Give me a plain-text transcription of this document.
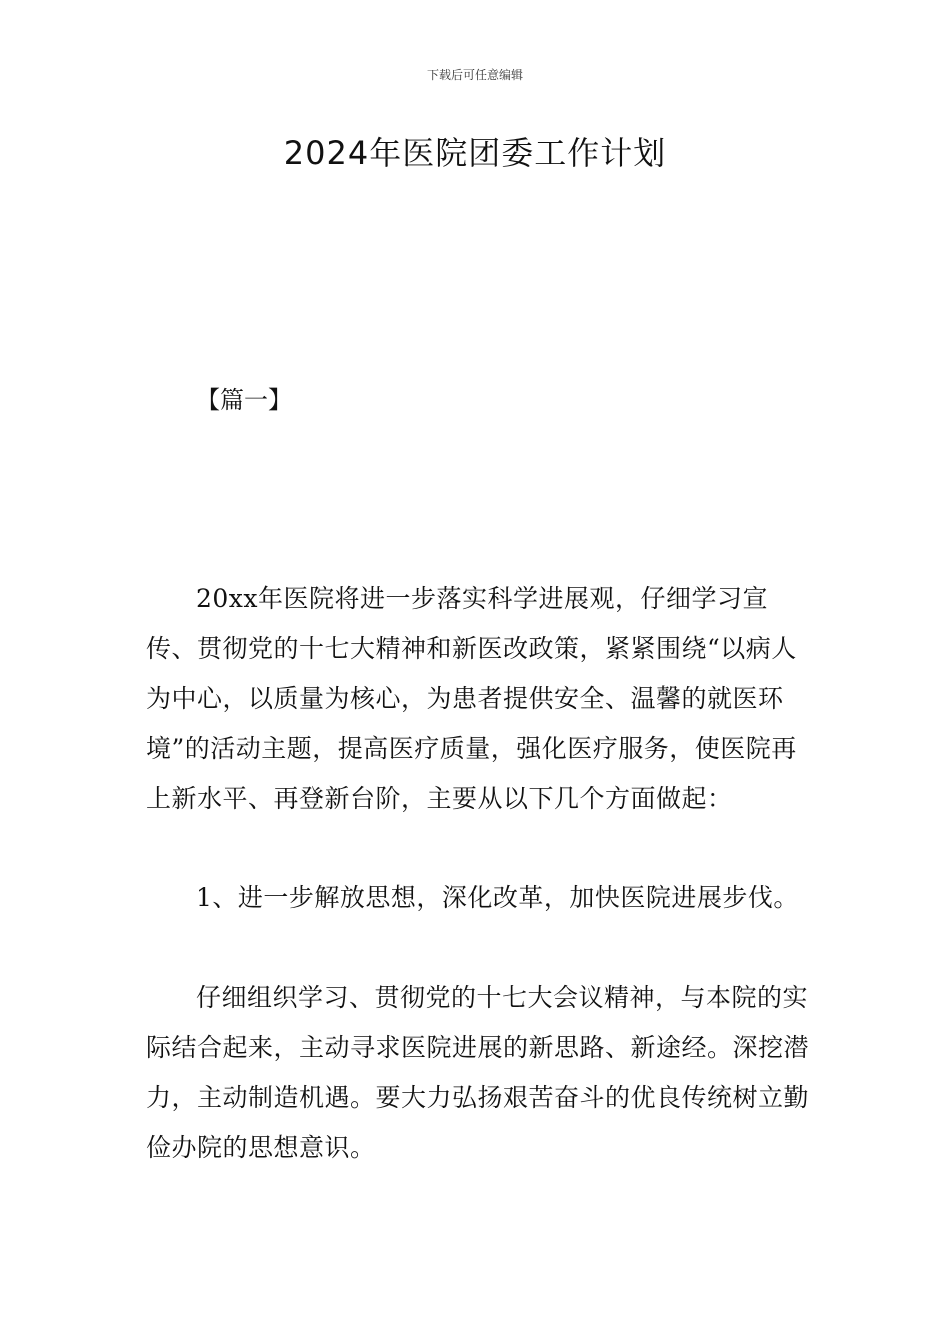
下载后可任意编辑
2024年医院团委工作计划
【篇一】

20xx年医院将进一步落实科学进展观，仔细学习宣传、贯彻党的十七大精神和新医改政策，紧紧围绕“以病人为中心，以质量为核心，为患者提供安全、温馨的就医环境”的活动主题，提高医疗质量，强化医疗服务，使医院再上新水平、再登新台阶，主要从以下几个方面做起：

1、进一步解放思想，深化改革，加快医院进展步伐。

仔细组织学习、贯彻党的十七大会议精神，与本院的实际结合起来，主动寻求医院进展的新思路、新途经。深挖潜力，主动制造机遇。要大力弘扬艰苦奋斗的优良传统树立勤俭办院的思想意识。
